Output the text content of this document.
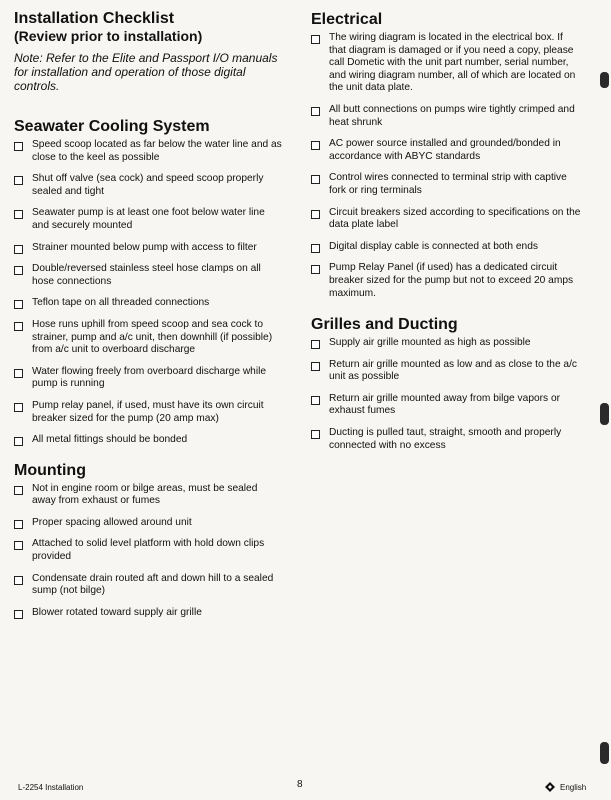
Installation Checklist
(Review prior to installation)

Note: Refer to the Elite and Passport I/O manuals for installation and operation of those digital controls.

Seawater Cooling System
Speed scoop located as far below the water line and as close to the keel as possible
Shut off valve (sea cock) and speed scoop properly sealed and tight
Seawater pump is at least one foot below water line and securely mounted
Strainer mounted below pump with access to filter
Double/reversed stainless steel hose clamps on all hose connections
Teflon tape on all threaded connections
Hose runs uphill from speed scoop and sea cock to strainer, pump and a/c unit, then downhill (if possible) from a/c unit to overboard discharge
Water flowing freely from overboard discharge while pump is running
Pump relay panel, if used, must have its own circuit breaker sized for the pump (20 amp max)
All metal fittings should be bonded
Mounting
Not in engine room or bilge areas, must be sealed away from exhaust or fumes
Proper spacing allowed around unit
Attached to solid level platform with hold down clips provided
Condensate drain routed aft and down hill to a sealed sump (not bilge)
Blower rotated toward supply air grille
Electrical
The wiring diagram is located in the electrical box. If that diagram is damaged or if you need a copy, please call Dometic with the unit part number, serial number, and wiring diagram number, all of which are located on the unit data plate.
All butt connections on pumps wire tightly crimped and heat shrunk
AC power source installed and grounded/bonded in accordance with ABYC standards
Control wires connected to terminal strip with captive fork or ring terminals
Circuit breakers sized according to specifications on the data plate label
Digital display cable is connected at both ends
Pump Relay Panel (if used) has a dedicated circuit breaker sized for the pump but not to exceed 20 amps maximum.
Grilles and Ducting
Supply air grille mounted as high as possible
Return air grille mounted as low and as close to the a/c unit as possible
Return air grille mounted away from bilge vapors or exhaust fumes
Ducting is pulled taut, straight, smooth and properly connected with no excess
L-2254 Installation	8	English
